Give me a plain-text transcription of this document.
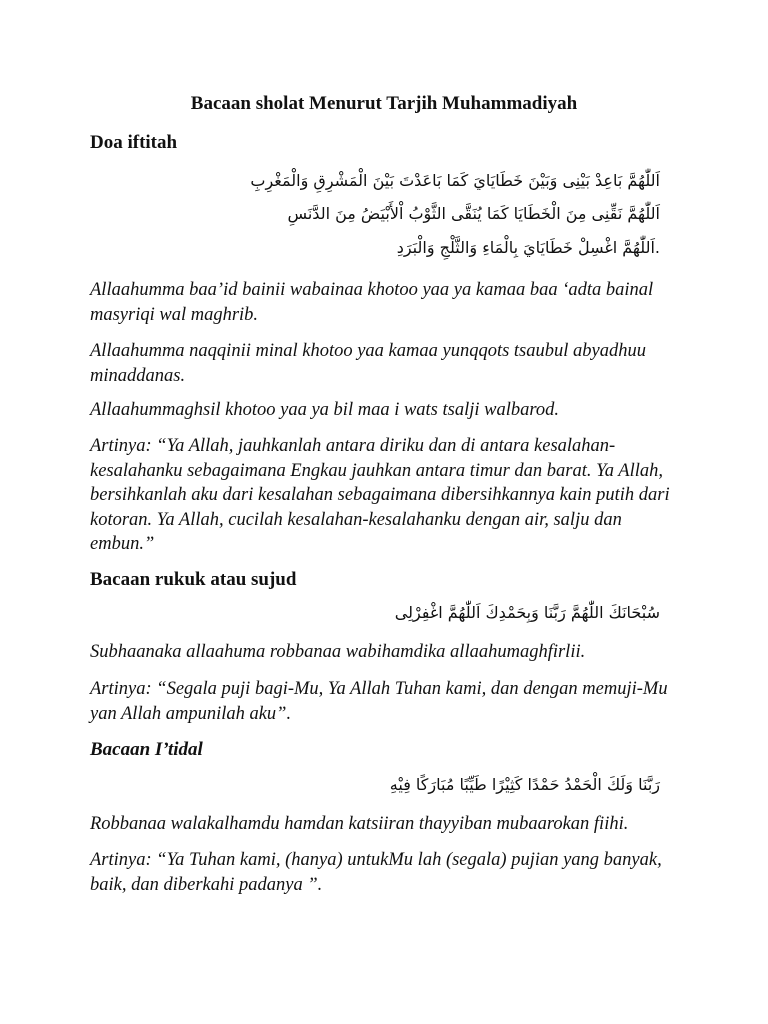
Bacaan sholat Menurut Tarjih Muhammadiyah
Doa iftitah

اَللّٰهُمَّ بَاعِدْ بَيْنِى وَبَيْنَ خَطَايَايَ كَمَا بَاعَدْتَ بَيْنَ الْمَشْرِقِ وَالْمَغْرِبِ

اَللّٰهُمَّ نَقِّنِى مِنَ الْخَطَايَا كَمَا يُنَقَّى الثَّوْبُ اْلأَبْيَضُ مِنَ الدَّنَسِ

.اَللّٰهُمَّ اغْسِلْ خَطَايَايَ بِالْمَاءِ وَالثَّلْجِ وَالْبَرَدِ

Allaahumma baa’id bainii wabainaa khotoo yaa ya kamaa baa ‘adta bainal masyriqi wal maghrib.

Allaahumma naqqinii minal khotoo yaa kamaa yunqqots tsaubul abyadhuu minaddanas.

Allaahummaghsil khotoo yaa ya bil maa i wats tsalji walbarod.

Artinya: “Ya Allah, jauhkanlah antara diriku dan di antara kesalahan-kesalahanku sebagaimana Engkau jauhkan antara timur dan barat. Ya Allah, bersihkanlah aku dari kesalahan sebagaimana dibersihkannya kain putih dari kotoran. Ya Allah, cucilah kesalahan-kesalahanku dengan air, salju dan embun.”

Bacaan rukuk atau sujud

سُبْحَانَكَ اللّٰهُمَّ رَبَّنَا وَبِحَمْدِكَ اَللّٰهُمَّ اغْفِرْلِى

Subhaanaka allaahuma robbanaa wabihamdika allaahumaghfirlii.

Artinya: “Segala puji bagi-Mu, Ya Allah Tuhan kami, dan dengan memuji-Mu yan Allah ampunilah aku”.

Bacaan I’tidal

رَبَّنَا وَلَكَ الْحَمْدُ حَمْدًا كَثِيْرًا طَيِّبًا مُبَارَكًا فِيْهِ

Robbanaa walakalhamdu hamdan katsiiran thayyiban mubaarokan fiihi.

Artinya: “Ya Tuhan kami, (hanya) untukMu lah (segala) pujian yang banyak, baik, dan diberkahi padanya ”.
